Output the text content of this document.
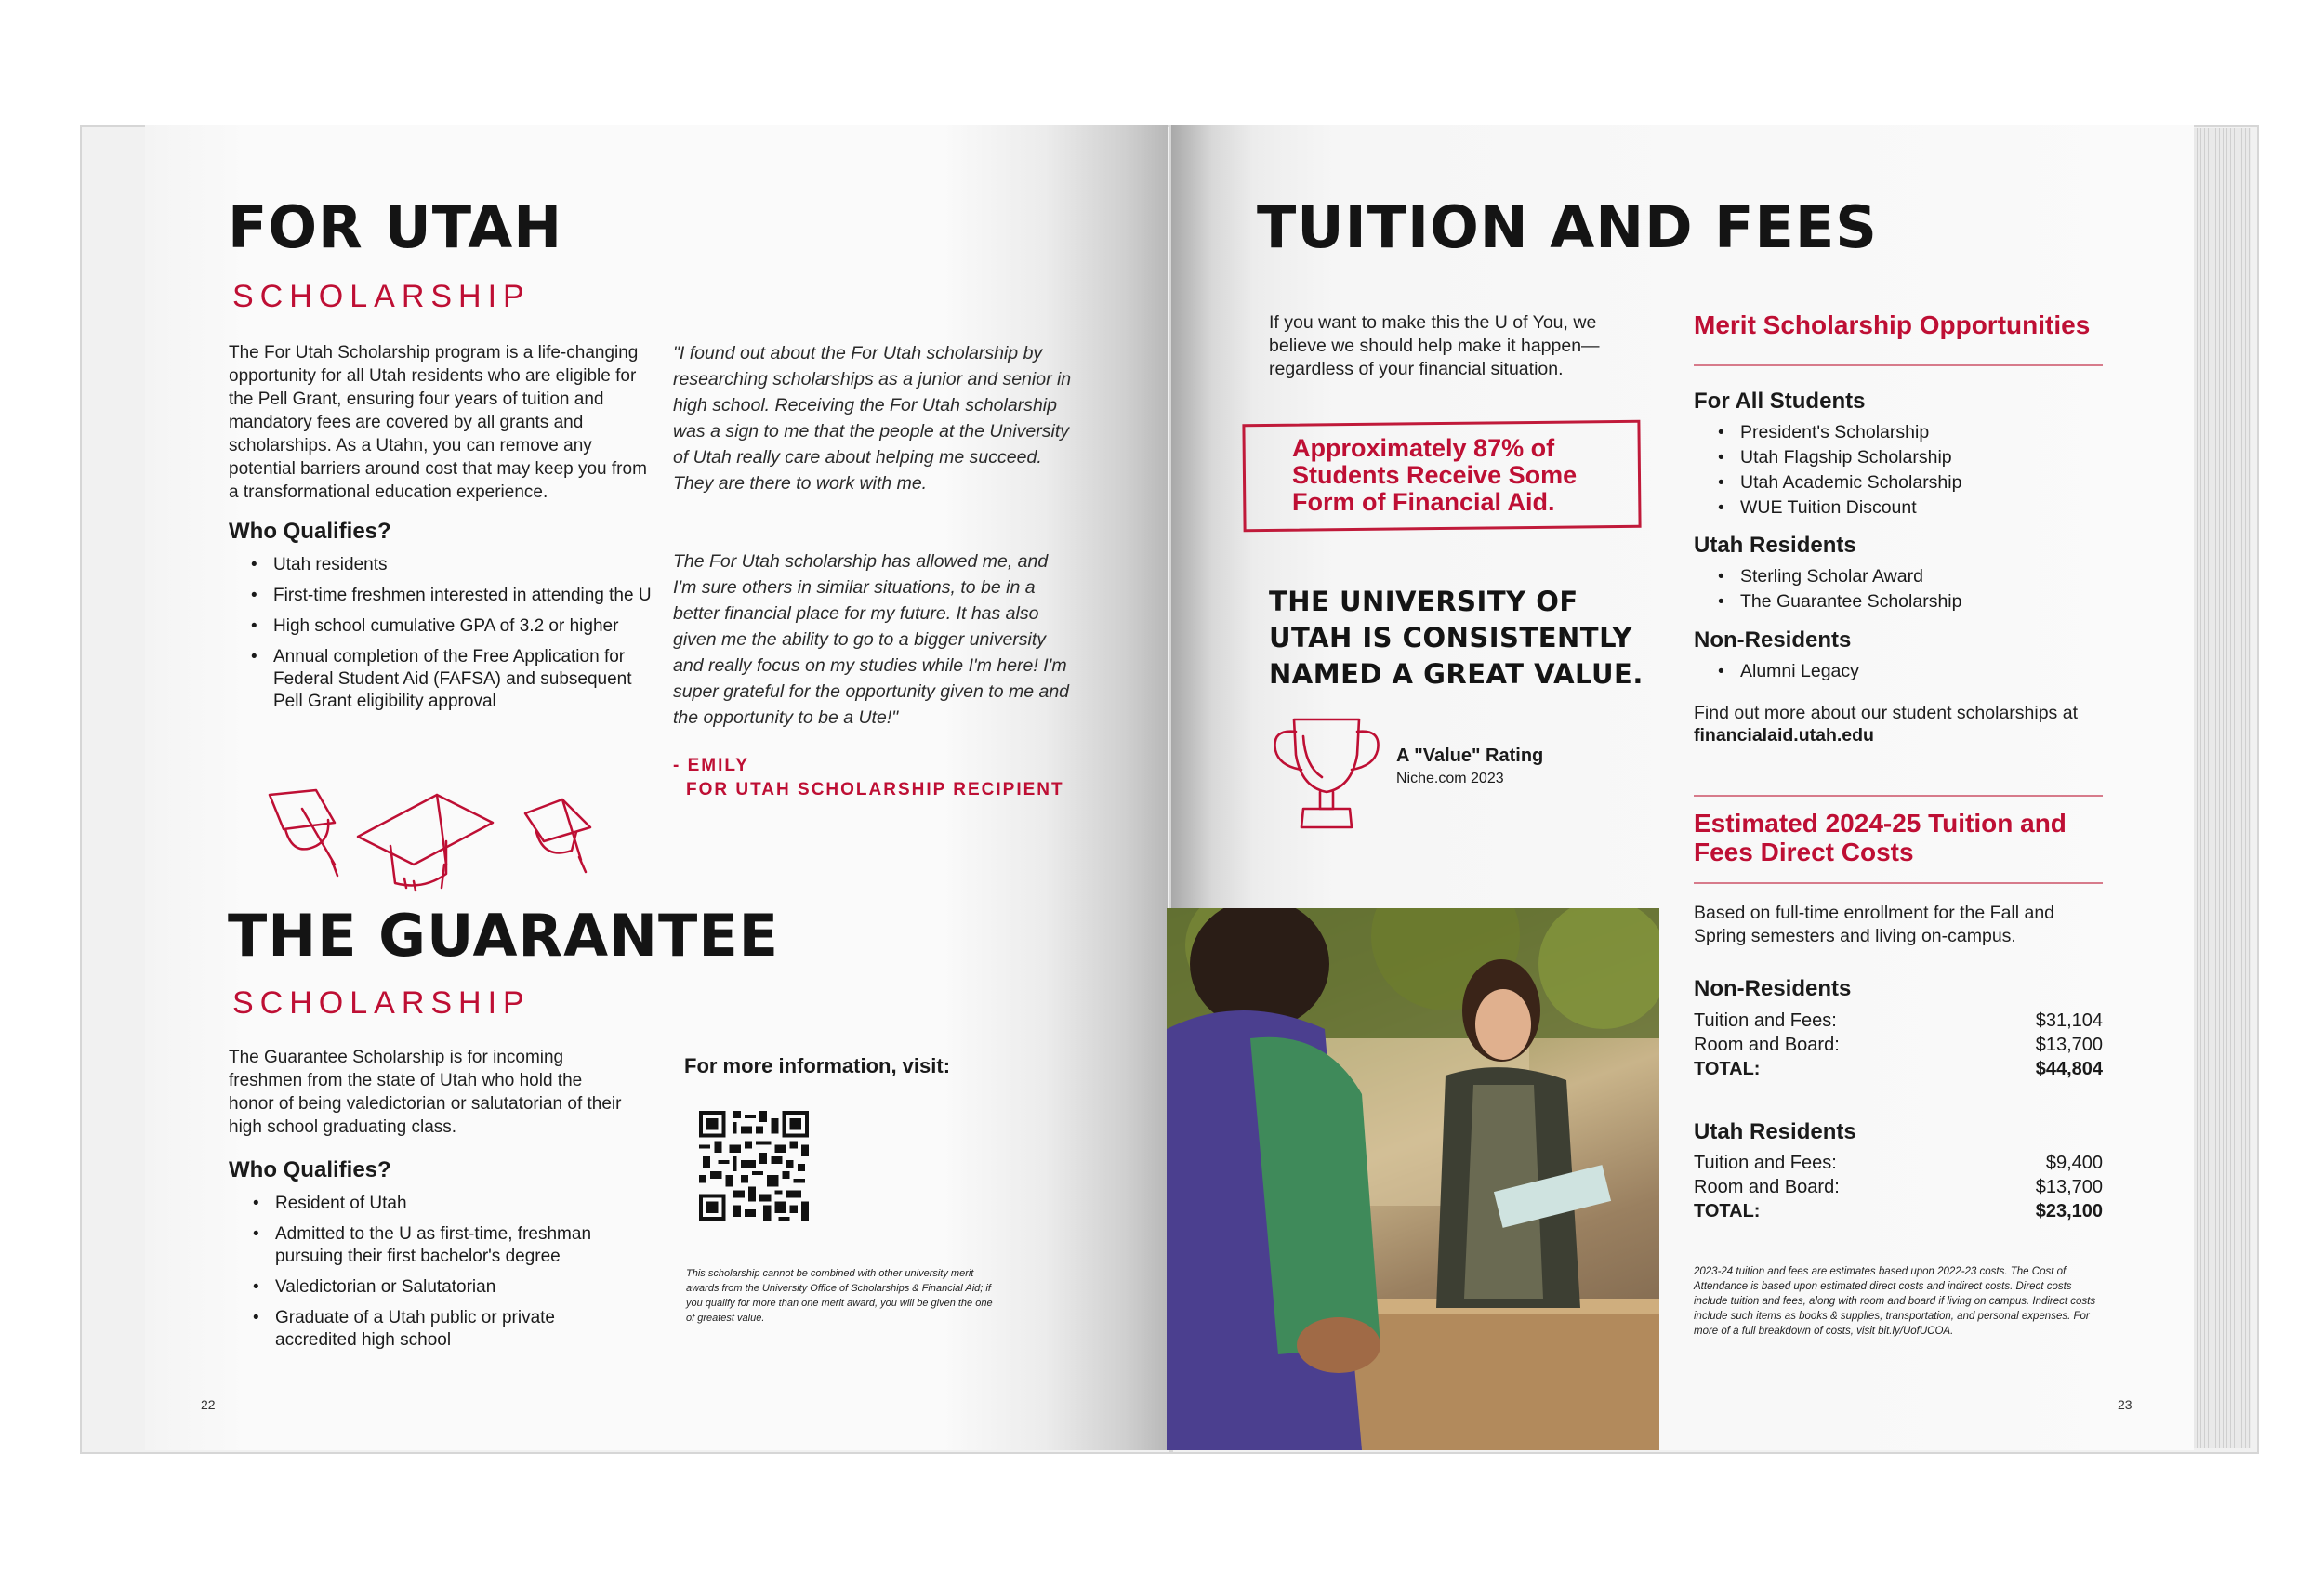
FOR UTAH
SCHOLARSHIP
The For Utah Scholarship program is a life-changing opportunity for all Utah residents who are eligible for the Pell Grant, ensuring four years of tuition and mandatory fees are covered by all grants and scholarships. As a Utahn, you can remove any potential barriers around cost that may keep you from a transformational education experience.
Who Qualifies?
• Utah residents
• First-time freshmen interested in attending the U
• High school cumulative GPA of 3.2 or higher
• Annual completion of the Free Application for Federal Student Aid (FAFSA) and subsequent Pell Grant eligibility approval
"I found out about the For Utah scholarship by researching scholarships as a junior and senior in high school. Receiving the For Utah scholarship was a sign to me that the people at the University of Utah really care about helping me succeed. They are there to work with me.
The For Utah scholarship has allowed me, and I'm sure others in similar situations, to be in a better financial place for my future. It has also given me the ability to go to a bigger university and really focus on my studies while I'm here! I'm super grateful for the opportunity given to me and the opportunity to be a Ute!"
- EMILY
FOR UTAH SCHOLARSHIP RECIPIENT
THE GUARANTEE
SCHOLARSHIP
The Guarantee Scholarship is for incoming freshmen from the state of Utah who hold the honor of being valedictorian or salutatorian of their high school graduating class.
Who Qualifies?
• Resident of Utah
• Admitted to the U as first-time, freshman pursuing their first bachelor's degree
• Valedictorian or Salutatorian
• Graduate of a Utah public or private accredited high school
For more information, visit:
This scholarship cannot be combined with other university merit awards from the University Office of Scholarships & Financial Aid; if you qualify for more than one merit award, you will be given the one of greatest value.
22
TUITION AND FEES
If you want to make this the U of You, we believe we should help make it happen—regardless of your financial situation.
Approximately 87% of Students Receive Some Form of Financial Aid.
THE UNIVERSITY OF UTAH IS CONSISTENTLY NAMED A GREAT VALUE.
A "Value" Rating
Niche.com 2023
Merit Scholarship Opportunities
For All Students
• President's Scholarship
• Utah Flagship Scholarship
• Utah Academic Scholarship
• WUE Tuition Discount
Utah Residents
• Sterling Scholar Award
• The Guarantee Scholarship
Non-Residents
• Alumni Legacy
Find out more about our student scholarships at
financialaid.utah.edu
Estimated 2024-25 Tuition and Fees Direct Costs
Based on full-time enrollment for the Fall and Spring semesters and living on-campus.
Non-Residents
Tuition and Fees:	$31,104
Room and Board:	$13,700
TOTAL:	$44,804
Utah Residents
Tuition and Fees:	$9,400
Room and Board:	$13,700
TOTAL:	$23,100
2023-24 tuition and fees are estimates based upon 2022-23 costs. The Cost of Attendance is based upon estimated direct costs and indirect costs. Direct costs include tuition and fees, along with room and board if living on campus. Indirect costs include such items as books & supplies, transportation, and personal expenses. For more of a full breakdown of costs, visit bit.ly/UofUCOA.
23
